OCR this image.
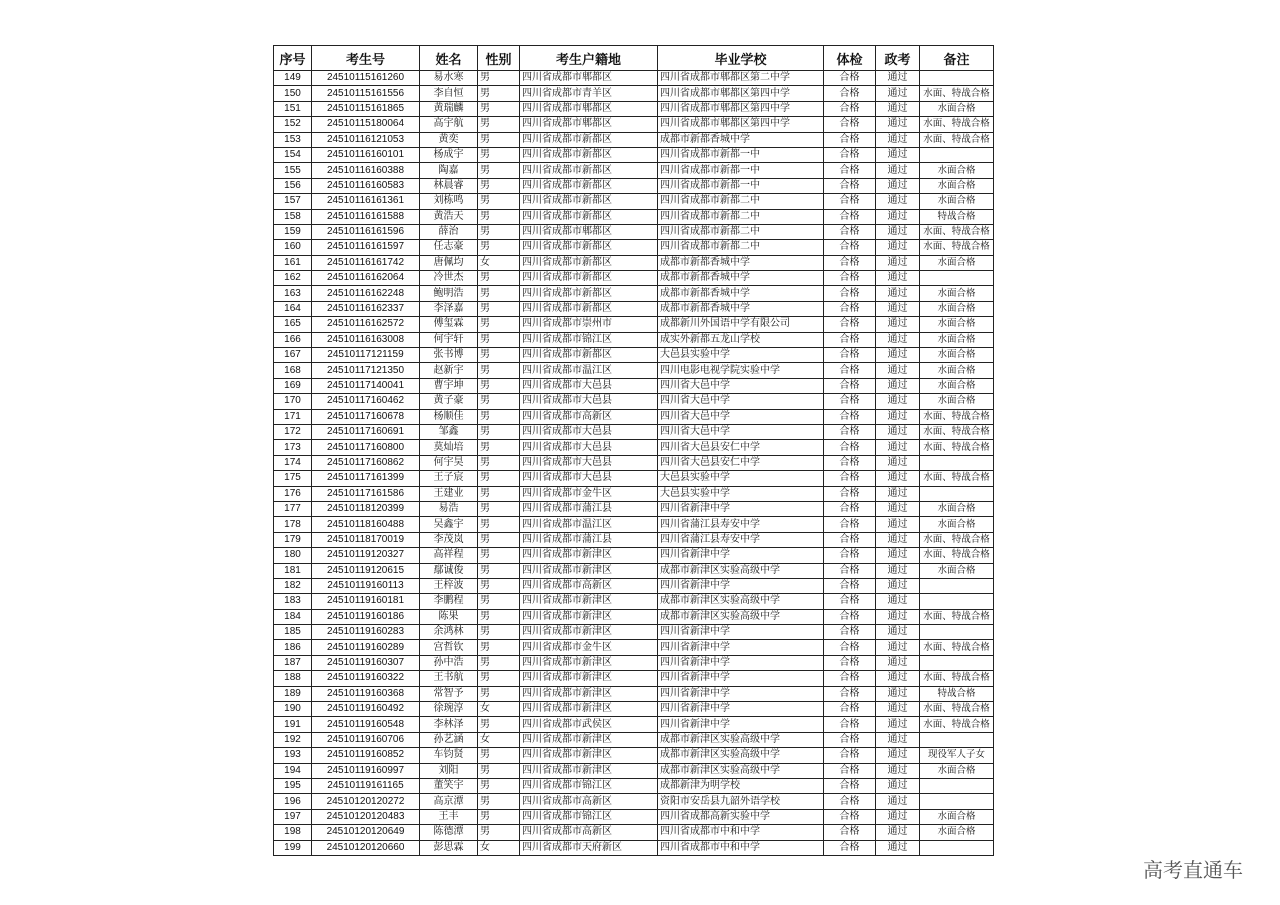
序号	考生号	姓名	性别	考生户籍地	毕业学校	体检	政考	备注
149	24510115161260	易水寒	男	四川省成都市郫都区	四川省成都市郫都区第二中学	合格	通过	
150	24510115161556	李自恒	男	四川省成都市青羊区	四川省成都市郫都区第四中学	合格	通过	水面、特战合格
151	24510115161865	黄瑞麟	男	四川省成都市郫都区	四川省成都市郫都区第四中学	合格	通过	水面合格
152	24510115180064	高宇航	男	四川省成都市郫都区	四川省成都市郫都区第四中学	合格	通过	水面、特战合格
153	24510116121053	黄奕	男	四川省成都市新都区	成都市新都香城中学	合格	通过	水面、特战合格
154	24510116160101	杨成宇	男	四川省成都市新都区	四川省成都市新都一中	合格	通过	
155	24510116160388	陶嘉	男	四川省成都市新都区	四川省成都市新都一中	合格	通过	水面合格
156	24510116160583	林晨睿	男	四川省成都市新都区	四川省成都市新都一中	合格	通过	水面合格
157	24510116161361	刘栋鸣	男	四川省成都市新都区	四川省成都市新都二中	合格	通过	水面合格
158	24510116161588	黄浩天	男	四川省成都市新都区	四川省成都市新都二中	合格	通过	特战合格
159	24510116161596	薛治	男	四川省成都市郫都区	四川省成都市新都二中	合格	通过	水面、特战合格
160	24510116161597	任志豪	男	四川省成都市新都区	四川省成都市新都二中	合格	通过	水面、特战合格
161	24510116161742	唐佩均	女	四川省成都市新都区	成都市新都香城中学	合格	通过	水面合格
162	24510116162064	冷世杰	男	四川省成都市新都区	成都市新都香城中学	合格	通过	
163	24510116162248	鲍明浩	男	四川省成都市新都区	成都市新都香城中学	合格	通过	水面合格
164	24510116162337	李泽嘉	男	四川省成都市新都区	成都市新都香城中学	合格	通过	水面合格
165	24510116162572	傅玺霖	男	四川省成都市崇州市	成都新川外国语中学有限公司	合格	通过	水面合格
166	24510116163008	何宇轩	男	四川省成都市锦江区	成实外新都五龙山学校	合格	通过	水面合格
167	24510117121159	张书博	男	四川省成都市新都区	大邑县实验中学	合格	通过	水面合格
168	24510117121350	赵新宇	男	四川省成都市温江区	四川电影电视学院实验中学	合格	通过	水面合格
169	24510117140041	曹宇坤	男	四川省成都市大邑县	四川省大邑中学	合格	通过	水面合格
170	24510117160462	黄子豪	男	四川省成都市大邑县	四川省大邑中学	合格	通过	水面合格
171	24510117160678	杨顺佳	男	四川省成都市高新区	四川省大邑中学	合格	通过	水面、特战合格
172	24510117160691	邹鑫	男	四川省成都市大邑县	四川省大邑中学	合格	通过	水面、特战合格
173	24510117160800	莫灿培	男	四川省成都市大邑县	四川省大邑县安仁中学	合格	通过	水面、特战合格
174	24510117160862	何宇昊	男	四川省成都市大邑县	四川省大邑县安仁中学	合格	通过	
175	24510117161399	王子宸	男	四川省成都市大邑县	大邑县实验中学	合格	通过	水面、特战合格
176	24510117161586	王建业	男	四川省成都市金牛区	大邑县实验中学	合格	通过	
177	24510118120399	易浩	男	四川省成都市蒲江县	四川省新津中学	合格	通过	水面合格
178	24510118160488	吴鑫宇	男	四川省成都市温江区	四川省蒲江县寿安中学	合格	通过	水面合格
179	24510118170019	李茂岚	男	四川省成都市蒲江县	四川省蒲江县寿安中学	合格	通过	水面、特战合格
180	24510119120327	高祥程	男	四川省成都市新津区	四川省新津中学	合格	通过	水面、特战合格
181	24510119120615	鄢诚俊	男	四川省成都市新津区	成都市新津区实验高级中学	合格	通过	水面合格
182	24510119160113	王梓波	男	四川省成都市高新区	四川省新津中学	合格	通过	
183	24510119160181	李鹏程	男	四川省成都市新津区	成都市新津区实验高级中学	合格	通过	
184	24510119160186	陈果	男	四川省成都市新津区	成都市新津区实验高级中学	合格	通过	水面、特战合格
185	24510119160283	余鸿林	男	四川省成都市新津区	四川省新津中学	合格	通过	
186	24510119160289	宫哲钦	男	四川省成都市金牛区	四川省新津中学	合格	通过	水面、特战合格
187	24510119160307	孙中浩	男	四川省成都市新津区	四川省新津中学	合格	通过	
188	24510119160322	王书航	男	四川省成都市新津区	四川省新津中学	合格	通过	水面、特战合格
189	24510119160368	常智予	男	四川省成都市新津区	四川省新津中学	合格	通过	特战合格
190	24510119160492	徐琬淳	女	四川省成都市新津区	四川省新津中学	合格	通过	水面、特战合格
191	24510119160548	李林泽	男	四川省成都市武侯区	四川省新津中学	合格	通过	水面、特战合格
192	24510119160706	孙艺涵	女	四川省成都市新津区	成都市新津区实验高级中学	合格	通过	
193	24510119160852	车钧贤	男	四川省成都市新津区	成都市新津区实验高级中学	合格	通过	现役军人子女
194	24510119160997	刘阳	男	四川省成都市新津区	成都市新津区实验高级中学	合格	通过	水面合格
195	24510119161165	董笑宇	男	四川省成都市锦江区	成都新津为明学校	合格	通过	
196	24510120120272	高京潭	男	四川省成都市高新区	资阳市安岳县九韶外语学校	合格	通过	
197	24510120120483	王丰	男	四川省成都市锦江区	四川省成都高新实验中学	合格	通过	水面合格
198	24510120120649	陈德潭	男	四川省成都市高新区	四川省成都市中和中学	合格	通过	水面合格
199	24510120120660	彭思霖	女	四川省成都市天府新区	四川省成都市中和中学	合格	通过	
高考直通车
